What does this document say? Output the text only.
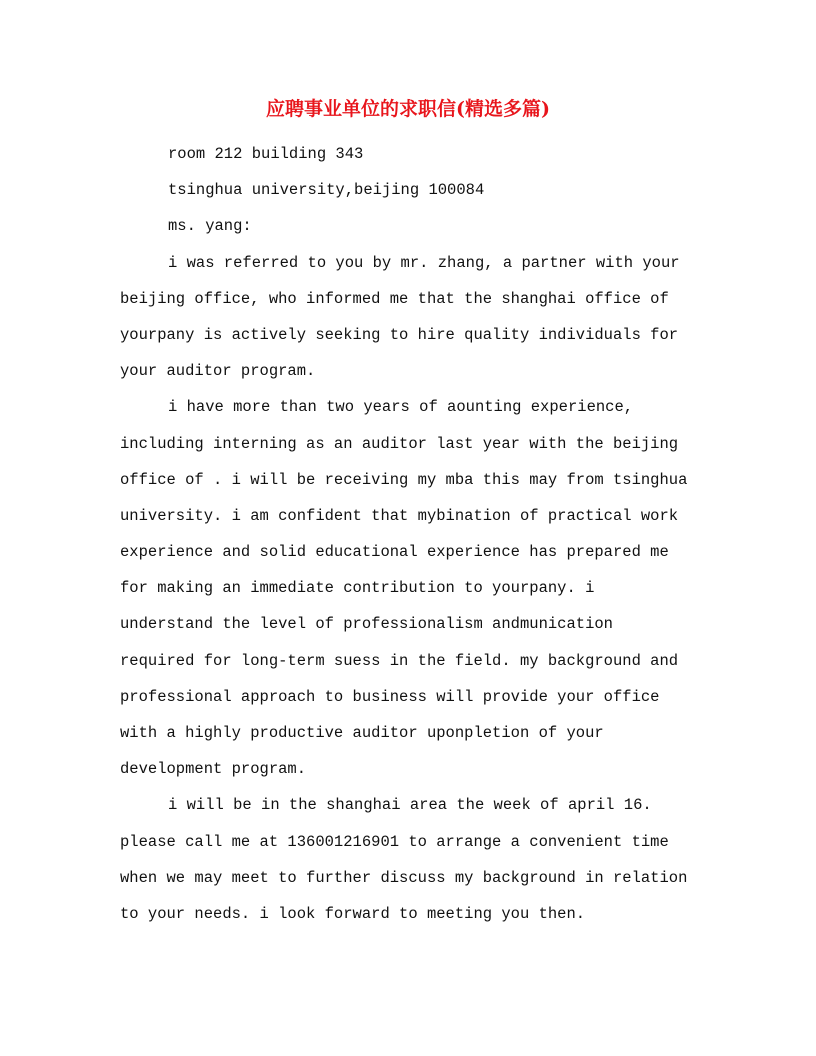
应聘事业单位的求职信(精选多篇)
room 212 building 343
tsinghua university,beijing 100084
ms. yang:
i was referred to you by mr. zhang, a partner with your
beijing office, who informed me that the shanghai office of
yourpany is actively seeking to hire quality individuals for
your auditor program.
i have more than two years of aounting experience,
including interning as an auditor last year with the beijing
office of . i will be receiving my mba this may from tsinghua
university. i am confident that mybination of practical work
experience and solid educational experience has prepared me
for making an immediate contribution to yourpany. i
understand the level of professionalism andmunication
required for long-term suess in the field. my background and
professional approach to business will provide your office
with a highly productive auditor uponpletion of your
development program.
i will be in the shanghai area the week of april 16.
please call me at 136001216901 to arrange a convenient time
when we may meet to further discuss my background in relation
to your needs. i look forward to meeting you then.
